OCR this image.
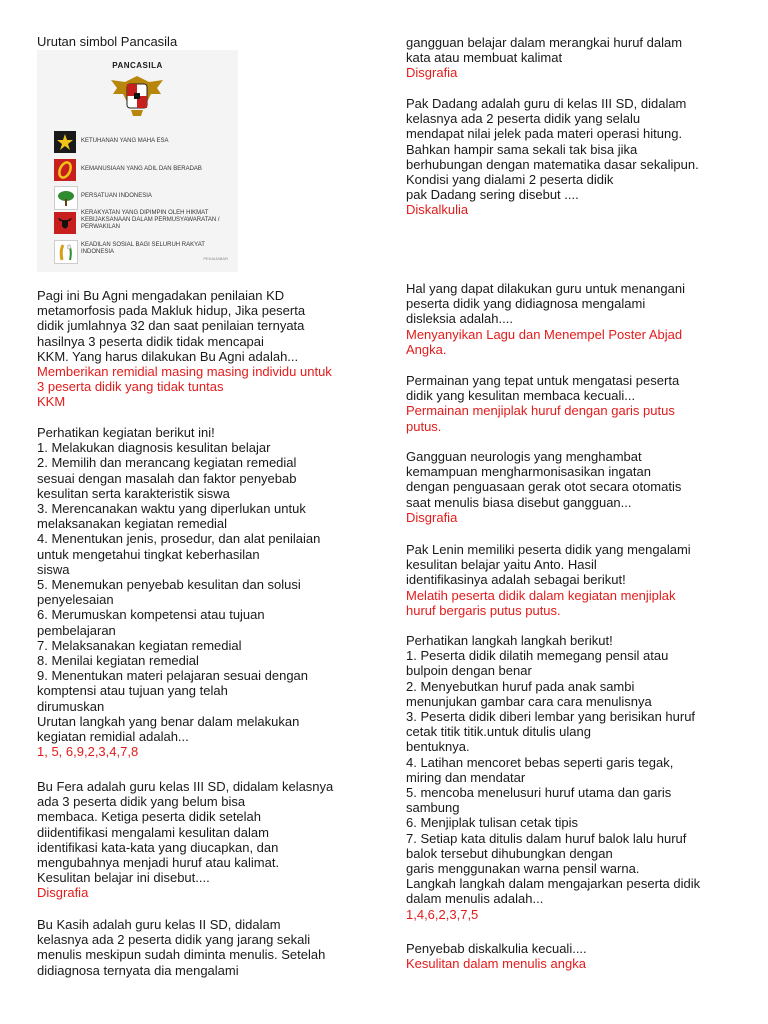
Urutan simbol Pancasila

PANCASILA
KETUHANAN YANG MAHA ESA
KEMANUSIAAN YANG ADIL DAN BERADAB
PERSATUAN INDONESIA
KERAKYATAN YANG DIPIMPIN OLEH HIKMAT KEBIJAKSANAAN DALAM PERMUSYAWARATAN / PERWAKILAN
KEADILAN SOSIAL BAGI SELURUH RAKYAT INDONESIA
PEKAIJABAR

Pagi ini Bu Agni mengadakan penilaian KD
metamorfosis pada Makluk hidup, Jika peserta
didik jumlahnya 32 dan saat penilaian ternyata
hasilnya 3 peserta didik tidak mencapai
KKM. Yang harus dilakukan Bu Agni adalah...

Memberikan remidial masing masing individu untuk
3 peserta didik yang tidak tuntas
KKM

Perhatikan kegiatan berikut ini!
1. Melakukan diagnosis kesulitan belajar
2. Memilih dan merancang kegiatan remedial
sesuai dengan masalah dan faktor penyebab
kesulitan serta karakteristik siswa
3. Merencanakan waktu yang diperlukan untuk
melaksanakan kegiatan remedial
4. Menentukan jenis, prosedur, dan alat penilaian
untuk mengetahui tingkat keberhasilan
siswa
5. Menemukan penyebab kesulitan dan solusi
penyelesaian
6. Merumuskan kompetensi atau tujuan
pembelajaran
7. Melaksanakan kegiatan remedial
8. Menilai kegiatan remedial
9. Menentukan materi pelajaran sesuai dengan
komptensi atau tujuan yang telah
dirumuskan
Urutan langkah yang benar dalam melakukan
kegiatan remidial adalah...

1, 5, 6,9,2,3,4,7,8

Bu Fera adalah guru kelas III SD, didalam kelasnya
ada 3 peserta didik yang belum bisa
membaca. Ketiga peserta didik setelah
diidentifikasi mengalami kesulitan dalam
identifikasi kata-kata yang diucapkan, dan
mengubahnya menjadi huruf atau kalimat.
Kesulitan belajar ini disebut....

Disgrafia

Bu Kasih adalah guru kelas II SD, didalam
kelasnya ada 2 peserta didik yang jarang sekali
menulis meskipun sudah diminta menulis. Setelah
didiagnosa ternyata dia mengalami

gangguan belajar dalam merangkai huruf dalam
kata atau membuat kalimat

Disgrafia

Pak Dadang adalah guru di kelas III SD, didalam
kelasnya ada 2 peserta didik yang selalu
mendapat nilai jelek pada materi operasi hitung.
Bahkan hampir sama sekali tak bisa jika
berhubungan dengan matematika dasar sekalipun.
Kondisi yang dialami 2 peserta didik
pak Dadang sering disebut ....

Diskalkulia

Hal yang dapat dilakukan guru untuk menangani
peserta didik yang didiagnosa mengalami
disleksia adalah....

Menyanyikan Lagu dan Menempel Poster Abjad
Angka.

Permainan yang tepat untuk mengatasi peserta
didik yang kesulitan membaca kecuali...

Permainan menjiplak huruf dengan garis putus
putus.

Gangguan neurologis yang menghambat
kemampuan mengharmonisasikan ingatan
dengan penguasaan gerak otot secara otomatis
saat menulis biasa disebut gangguan...

Disgrafia

Pak Lenin memiliki peserta didik yang mengalami
kesulitan belajar yaitu Anto. Hasil
identifikasinya adalah sebagai berikut!

Melatih peserta didik dalam kegiatan menjiplak
huruf bergaris putus putus.

Perhatikan langkah langkah berikut!
1. Peserta didik dilatih memegang pensil atau
bulpoin dengan benar
2. Menyebutkan huruf pada anak sambi
menunjukan gambar cara cara menulisnya
3. Peserta didik diberi lembar yang berisikan huruf
cetak titik titik.untuk ditulis ulang
bentuknya.
4. Latihan mencoret bebas seperti garis tegak,
miring dan mendatar
5. mencoba menelusuri huruf utama dan garis
sambung
6. Menjiplak tulisan cetak tipis
7. Setiap kata ditulis dalam huruf balok lalu huruf
balok tersebut dihubungkan dengan
garis menggunakan warna pensil warna.
Langkah langkah dalam mengajarkan peserta didik
dalam menulis adalah...

1,4,6,2,3,7,5

Penyebab diskalkulia kecuali....

Kesulitan dalam menulis angka
